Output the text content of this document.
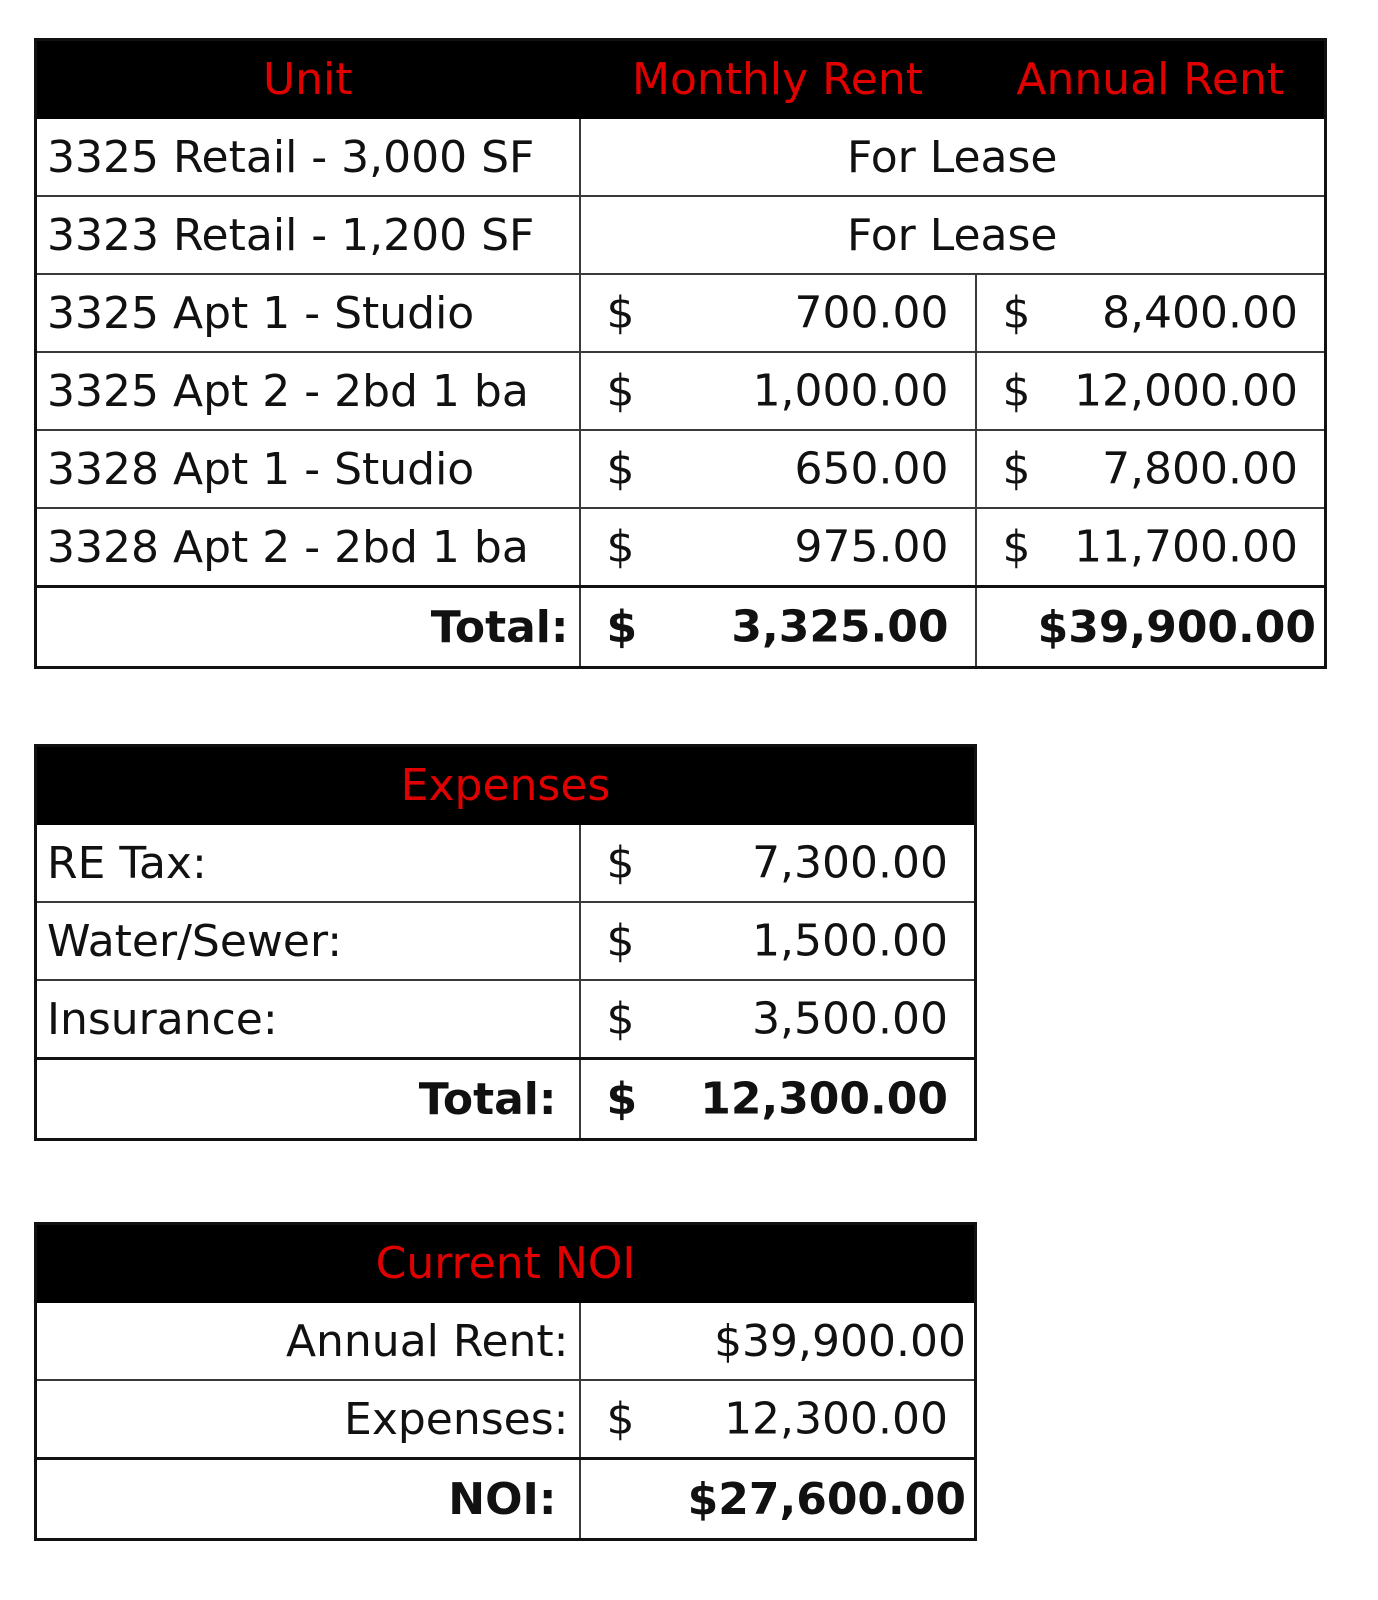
Unit	Monthly Rent	Annual Rent
3325 Retail - 3,000 SF	For Lease	
3323 Retail - 1,200 SF	For Lease	
3325 Apt 1 - Studio	$ 700.00	$ 8,400.00

3325 Apt 2 - 2bd 1 ba	$ 1,000.00	$ 12,000.00

3328 Apt 1 - Studio	$ 650.00	$ 7,800.00

3328 Apt 2 - 2bd 1 ba	$ 975.00	$ 11,700.00

Total:	$ 3,325.00	$39,900.00
Expenses	
RE Tax:	$ 7,300.00

Water/Sewer:	$ 1,500.00

Insurance:	$ 3,500.00

Total:	$ 12,300.00
Current NOI	
Annual Rent:	$39,900.00
Expenses:	$ 12,300.00

NOI:	$27,600.00
